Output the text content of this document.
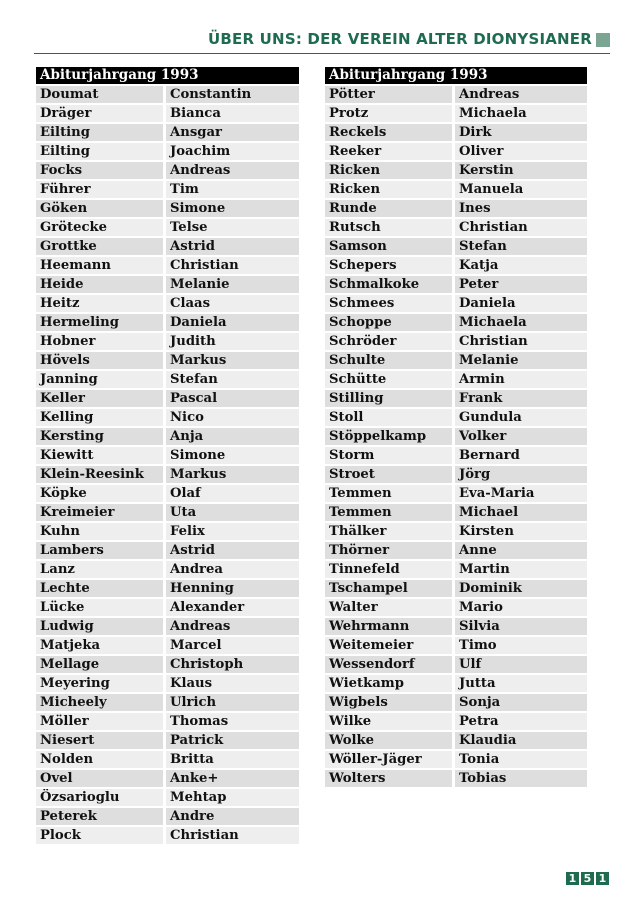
ÜBER UNS: DER VEREIN ALTER DIONYSIANER
Abiturjahrgang 1993
Doumat	Constantin
Dräger	Bianca
Eilting	Ansgar
Eilting	Joachim
Focks	Andreas
Führer	Tim
Göken	Simone
Grötecke	Telse
Grottke	Astrid
Heemann	Christian
Heide	Melanie
Heitz	Claas
Hermeling	Daniela
Hobner	Judith
Hövels	Markus
Janning	Stefan
Keller	Pascal
Kelling	Nico
Kersting	Anja
Kiewitt	Simone
Klein-Reesink	Markus
Köpke	Olaf
Kreimeier	Uta
Kuhn	Felix
Lambers	Astrid
Lanz	Andrea
Lechte	Henning
Lücke	Alexander
Ludwig	Andreas
Matjeka	Marcel
Mellage	Christoph
Meyering	Klaus
Micheely	Ulrich
Möller	Thomas
Niesert	Patrick
Nolden	Britta
Ovel	Anke+
Özsarioglu	Mehtap
Peterek	Andre
Plock	Christian
Abiturjahrgang 1993
Pötter	Andreas
Protz	Michaela
Reckels	Dirk
Reeker	Oliver
Ricken	Kerstin
Ricken	Manuela
Runde	Ines
Rutsch	Christian
Samson	Stefan
Schepers	Katja
Schmalkoke	Peter
Schmees	Daniela
Schoppe	Michaela
Schröder	Christian
Schulte	Melanie
Schütte	Armin
Stilling	Frank
Stoll	Gundula
Stöppelkamp	Volker
Storm	Bernard
Stroet	Jörg
Temmen	Eva-Maria
Temmen	Michael
Thälker	Kirsten
Thörner	Anne
Tinnefeld	Martin
Tschampel	Dominik
Walter	Mario
Wehrmann	Silvia
Weitemeier	Timo
Wessendorf	Ulf
Wietkamp	Jutta
Wigbels	Sonja
Wilke	Petra
Wolke	Klaudia
Wöller-Jäger	Tonia
Wolters	Tobias
1 5 1
